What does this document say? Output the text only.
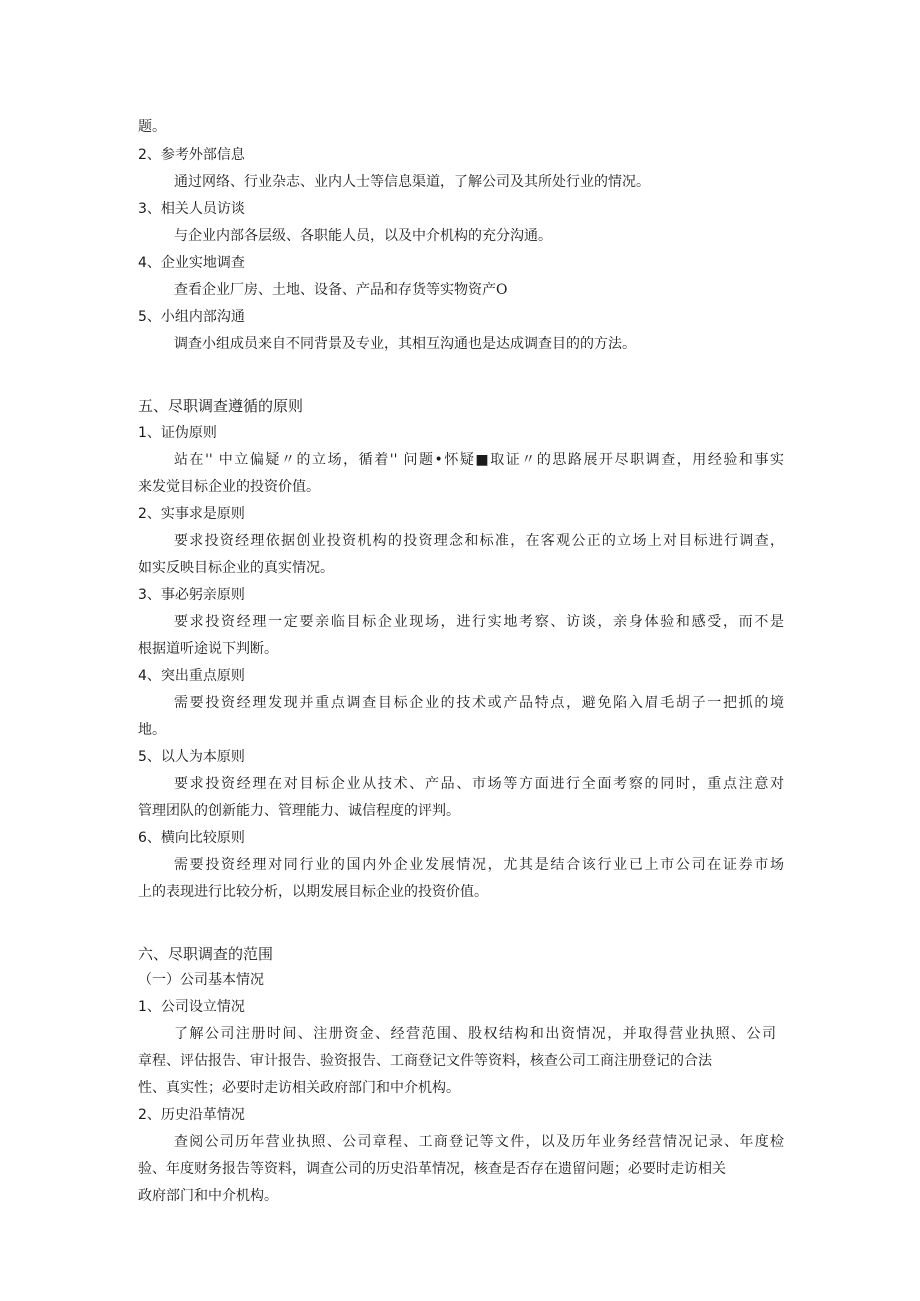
题。
2、参考外部信息
通过网络、行业杂志、业内人士等信息渠道，了解公司及其所处行业的情况。
3、相关人员访谈
与企业内部各层级、各职能人员，以及中介机构的充分沟通。
4、企业实地调查
查看企业厂房、土地、设备、产品和存货等实物资产O
5、小组内部沟通
调查小组成员来自不同背景及专业，其相互沟通也是达成调查目的的方法。
五、尽职调查遵循的原则
1、证伪原则
站在'' 中立偏疑〃的立场，循着'' 问题•怀疑■取证〃的思路展开尽职调查，用经验和事实
来发觉目标企业的投资价值。
2、实事求是原则
要求投资经理依据创业投资机构的投资理念和标准，在客观公正的立场上对目标进行调查，
如实反映目标企业的真实情况。
3、事必躬亲原则
要求投资经理一定要亲临目标企业现场，进行实地考察、访谈，亲身体验和感受，而不是
根据道听途说下判断。
4、突出重点原则
需要投资经理发现并重点调查目标企业的技术或产品特点，避免陷入眉毛胡子一把抓的境
地。
5、以人为本原则
要求投资经理在对目标企业从技术、产品、市场等方面进行全面考察的同时，重点注意对
管理团队的创新能力、管理能力、诚信程度的评判。
6、横向比较原则
需要投资经理对同行业的国内外企业发展情况，尤其是结合该行业已上市公司在证券市场
上的表现进行比较分析，以期发展目标企业的投资价值。
六、尽职调查的范围
（一）公司基本情况
1、公司设立情况
了解公司注册时间、注册资金、经营范围、股权结构和出资情况，并取得营业执照、公司
章程、评估报告、审计报告、验资报告、工商登记文件等资料，核查公司工商注册登记的合法
性、真实性；必要时走访相关政府部门和中介机构。
2、历史沿革情况
查阅公司历年营业执照、公司章程、工商登记等文件，以及历年业务经营情况记录、年度检
验、年度财务报告等资料，调查公司的历史沿革情况，核查是否存在遗留问题；必要时走访相关
政府部门和中介机构。
